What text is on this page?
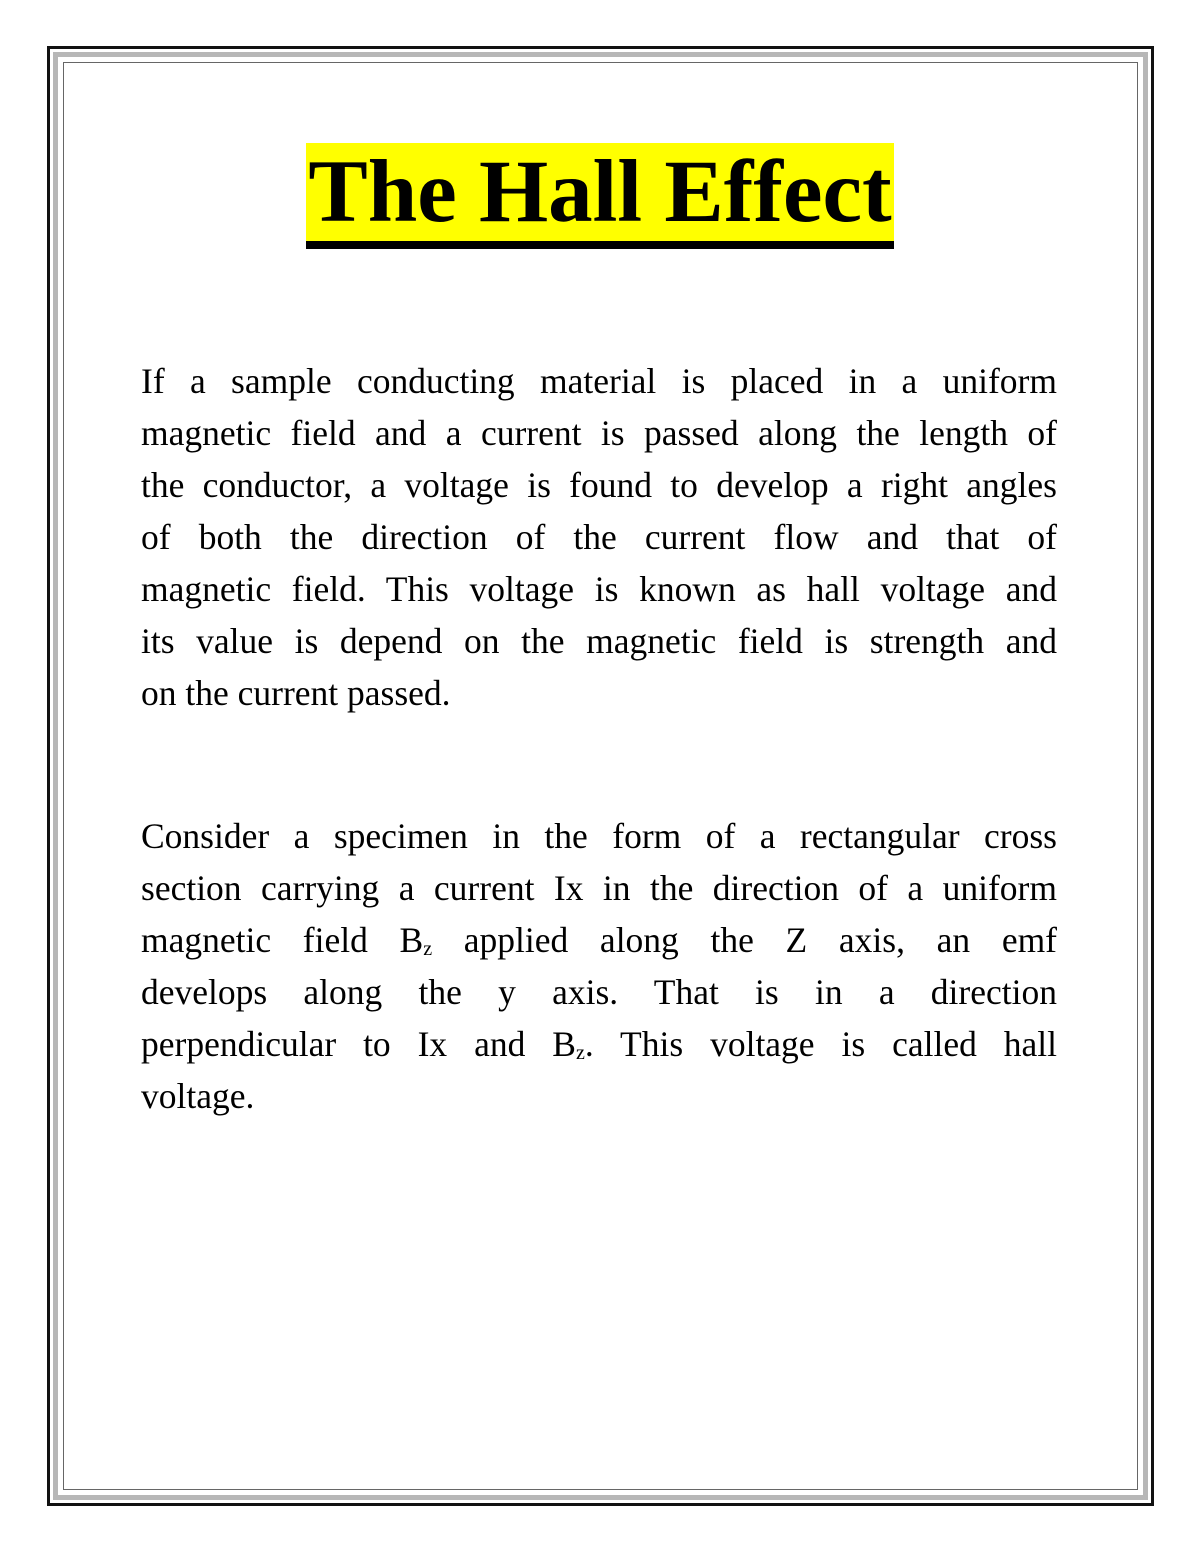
The Hall Effect
If a sample conducting material is placed in a uniform
magnetic field and a current is passed along the length of
the conductor, a voltage is found to develop a right angles
of both the direction of the current flow and that of
magnetic field. This voltage is known as hall voltage and
its value is depend on the magnetic field is strength and
on the current passed.
Consider a specimen in the form of a rectangular cross
section carrying a current Ix in the direction of a uniform
magnetic field $B_z$ applied along the Z axis, an emf
develops along the y axis. That is in a direction
perpendicular to Ix and $B_z$. This voltage is called hall
voltage.
